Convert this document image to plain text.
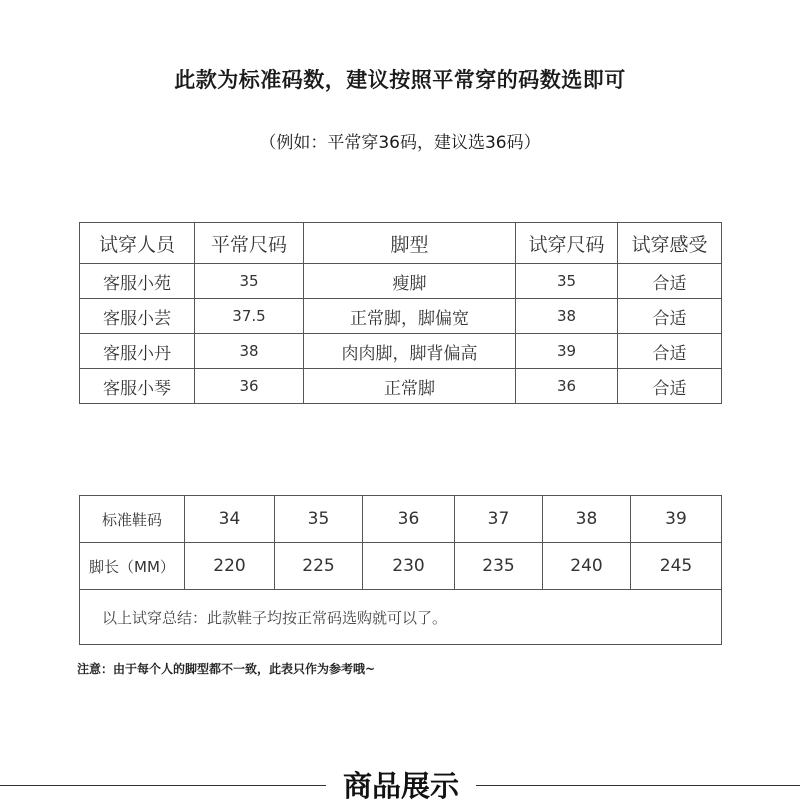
此款为标准码数，建议按照平常穿的码数选即可
（例如：平常穿36码，建议选36码）
试穿人员	平常尺码	脚型	试穿尺码	试穿感受
客服小苑	35	瘦脚	35	合适
客服小芸	37.5	正常脚，脚偏宽	38	合适
客服小丹	38	肉肉脚，脚背偏高	39	合适
客服小琴	36	正常脚	36	合适
标准鞋码	34	35	36	37	38	39
脚长（MM）	220	225	230	235	240	245
以上试穿总结：此款鞋子均按正常码选购就可以了。						
注意：由于每个人的脚型都不一致，此表只作为参考哦~
商品展示
